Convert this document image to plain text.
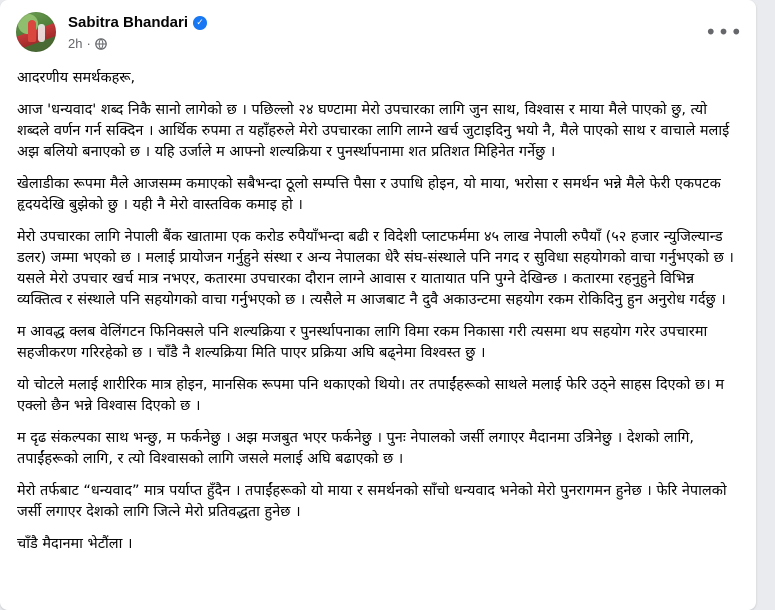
Sabitra Bhandari ✓
2h ·	•••

आदरणीय समर्थकहरू,

आज 'धन्यवाद' शब्द निकै सानो लागेको छ । पछिल्लो २४ घण्टामा मेरो उपचारका लागि जुन साथ, विश्वास र माया मैले पाएको छु, त्यो शब्दले वर्णन गर्न सक्दिन । आर्थिक रुपमा त यहाँहरुले मेरो उपचारका लागि लाग्ने खर्च जुटाइदिनु भयो नै, मैले पाएको साथ र वाचाले मलाई अझ बलियो बनाएको छ । यहि उर्जाले म आफ्नो शल्यक्रिया र पुनर्स्थापनामा शत प्रतिशत मिहिनेत गर्नेछु ।

खेलाडीका रूपमा मैले आजसम्म कमाएको सबैभन्दा ठूलो सम्पत्ति पैसा र उपाधि होइन, यो माया, भरोसा र समर्थन भन्ने मैले फेरी एकपटक हृदयदेखि बुझेको छु । यही नै मेरो वास्तविक कमाइ हो ।

मेरो उपचारका लागि नेपाली बैंक खातामा एक करोड रुपैयाँभन्दा बढी र विदेशी प्लाटफर्ममा ४५ लाख नेपाली रुपैयाँ (५२ हजार न्युजिल्यान्ड डलर) जम्मा भएको छ । मलाई प्रायोजन गर्नुहुने संस्था र अन्य नेपालका धेरै संघ-संस्थाले पनि नगद र सुविधा सहयोगको वाचा गर्नुभएको छ । यसले मेरो उपचार खर्च मात्र नभएर, कतारमा उपचारका दौरान लाग्ने आवास र यातायात पनि पुग्ने देखिन्छ । कतारमा रहनुहुने विभिन्न व्यक्तित्व र संस्थाले पनि सहयोगको वाचा गर्नुभएको छ । त्यसैले म आजबाट नै दुवै अकाउन्टमा सहयोग रकम रोकिदिनु हुन अनुरोध गर्दछु ।

म आवद्ध क्लब वेलिंगटन फिनिक्सले पनि शल्यक्रिया र पुनर्स्थापनाका लागि विमा रकम निकासा गरी त्यसमा थप सहयोग गरेर उपचारमा सहजीकरण गरिरहेको छ । चाँडै नै शल्यक्रिया मिति पाएर प्रक्रिया अघि बढ्नेमा विश्वस्त छु ।

यो चोटले मलाई शारीरिक मात्र होइन, मानसिक रूपमा पनि थकाएको थियो। तर तपाईंहरूको साथले मलाई फेरि उठ्ने साहस दिएको छ। म एक्लो छैन भन्ने विश्वास दिएको छ ।

म दृढ संकल्पका साथ भन्छु, म फर्कनेछु । अझ मजबुत भएर फर्कनेछु । पुनः नेपालको जर्सी लगाएर मैदानमा उत्रिनेछु । देशको लागि, तपाईंहरूको लागि, र त्यो विश्वासको लागि जसले मलाई अघि बढाएको छ ।

मेरो तर्फबाट “धन्यवाद” मात्र पर्याप्त हुँदैन । तपाईंहरूको यो माया र समर्थनको साँचो धन्यवाद भनेको मेरो पुनरागमन हुनेछ । फेरि नेपालको जर्सी लगाएर देशको लागि जित्ने मेरो प्रतिवद्धता हुनेछ ।

चाँडै मैदानमा भेटौंला ।
